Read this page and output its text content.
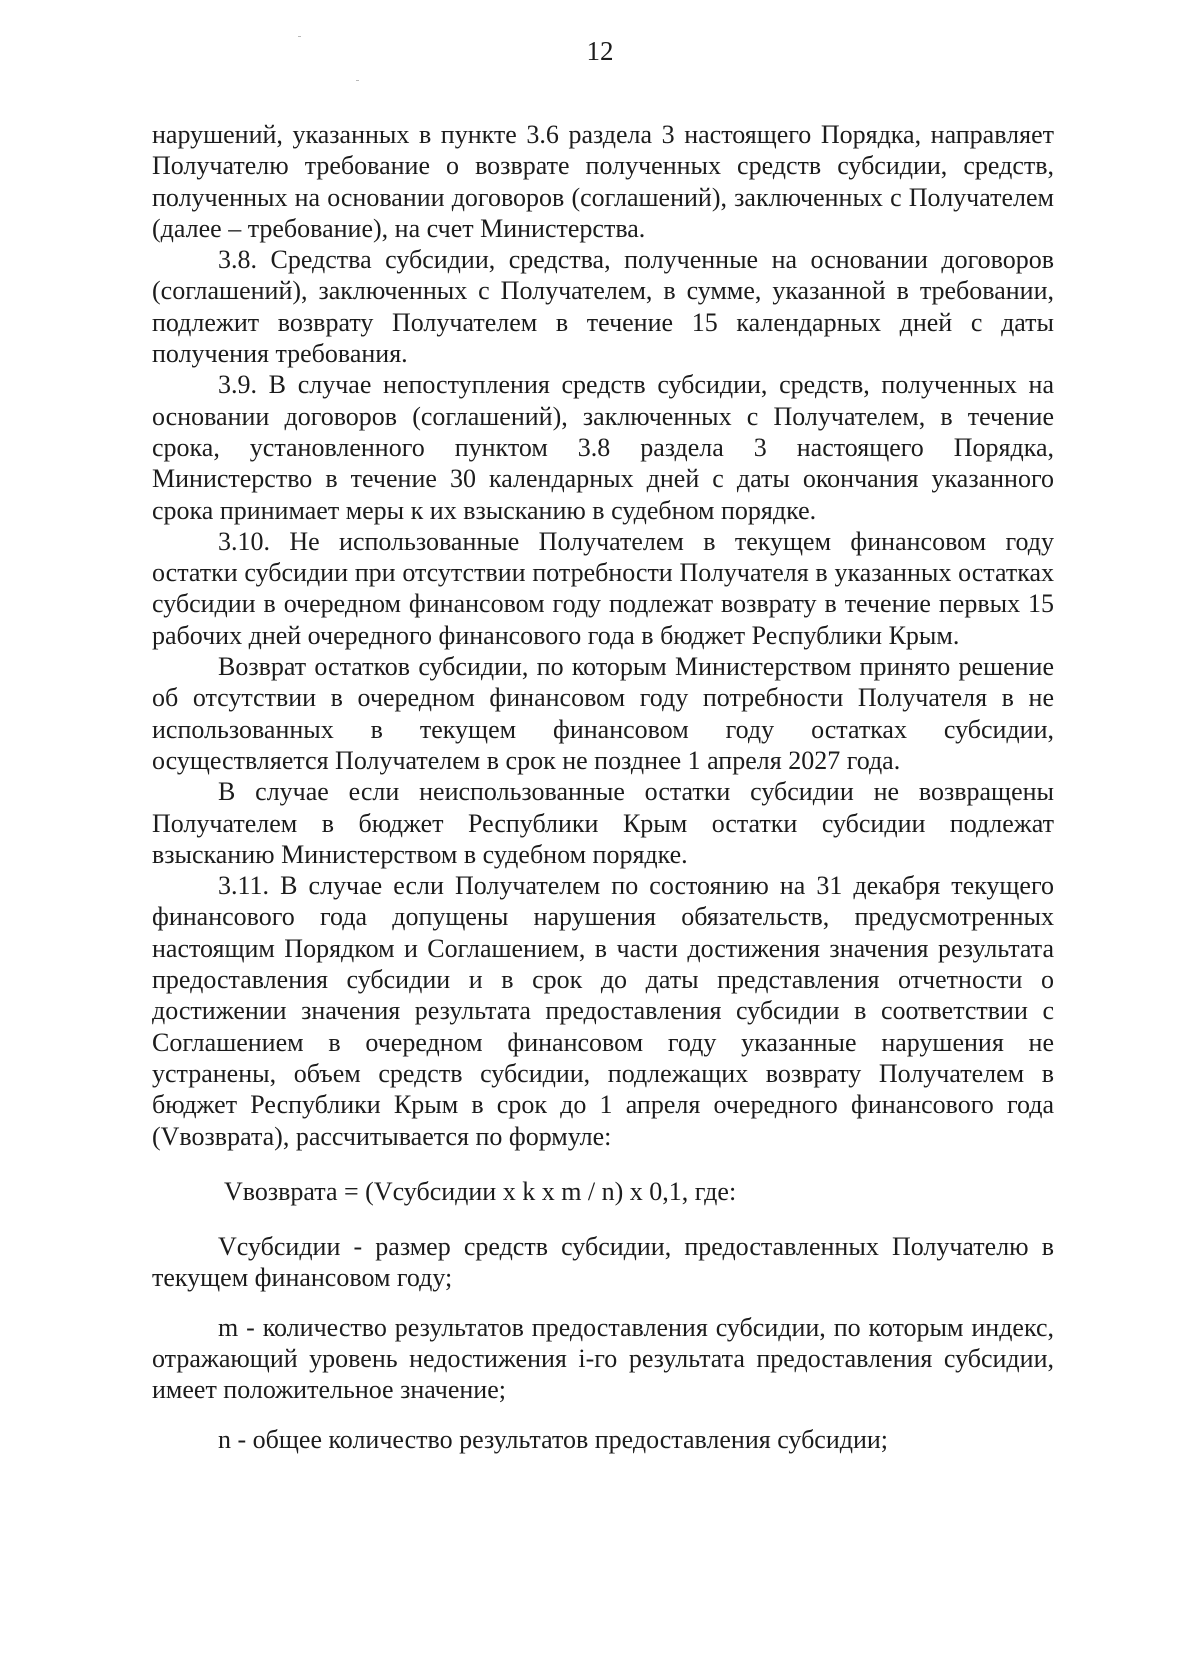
12

нарушений, указанных в пункте 3.6 раздела 3 настоящего Порядка, направляет Получателю требование о возврате полученных средств субсидии, средств, полученных на основании договоров (соглашений), заключенных с Получателем (далее – требование), на счет Министерства.

3.8. Средства субсидии, средства, полученные на основании договоров (соглашений), заключенных с Получателем, в сумме, указанной в требовании, подлежит возврату Получателем в течение 15 календарных дней с даты получения требования.

3.9. В случае непоступления средств субсидии, средств, полученных на основании договоров (соглашений), заключенных с Получателем, в течение срока, установленного пунктом 3.8 раздела 3 настоящего Порядка, Министерство в течение 30 календарных дней с даты окончания указанного срока принимает меры к их взысканию в судебном порядке.

3.10. Не использованные Получателем в текущем финансовом году остатки субсидии при отсутствии потребности Получателя в указанных остатках субсидии в очередном финансовом году подлежат возврату в течение первых 15 рабочих дней очередного финансового года в бюджет Республики Крым.

Возврат остатков субсидии, по которым Министерством принято решение об отсутствии в очередном финансовом году потребности Получателя в не использованных в текущем финансовом году остатках субсидии, осуществляется Получателем в срок не позднее 1 апреля 2027 года.

В случае если неиспользованные остатки субсидии не возвращены Получателем в бюджет Республики Крым остатки субсидии подлежат взысканию Министерством в судебном порядке.

3.11. В случае если Получателем по состоянию на 31 декабря текущего финансового года допущены нарушения обязательств, предусмотренных настоящим Порядком и Соглашением, в части достижения значения результата предоставления субсидии и в срок до даты представления отчетности о достижении значения результата предоставления субсидии в соответствии с Соглашением в очередном финансовом году указанные нарушения не устранены, объем средств субсидии, подлежащих возврату Получателем в бюджет Республики Крым в срок до 1 апреля очередного финансового года (Vвозврата), рассчитывается по формуле:

Vвозврата = (Vсубсидии x k x m / n) x 0,1, где:

Vсубсидии - размер средств субсидии, предоставленных Получателю в текущем финансовом году;

m - количество результатов предоставления субсидии, по которым индекс, отражающий уровень недостижения i-го результата предоставления субсидии, имеет положительное значение;

n - общее количество результатов предоставления субсидии;
